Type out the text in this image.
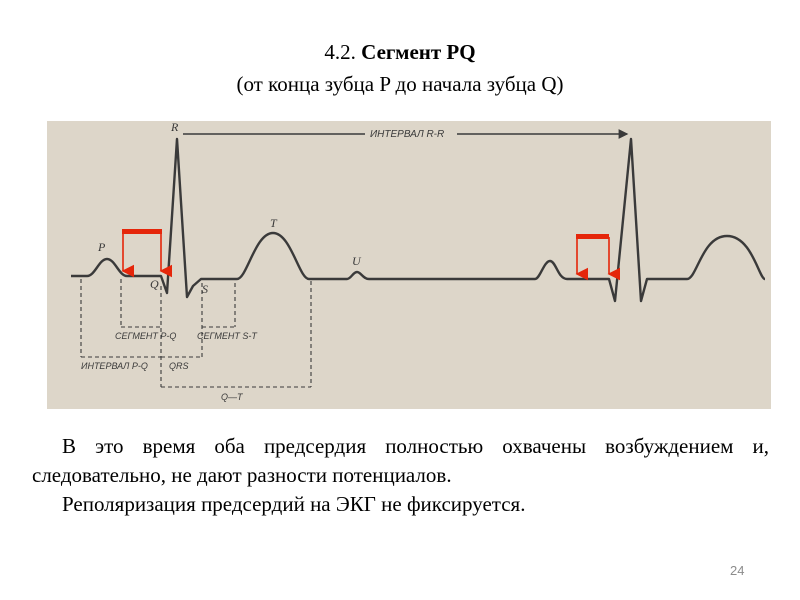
4.2. Сегмент PQ
(от конца зубца P до начала зубца Q)
ИНТЕРВАЛ R-R
R
P
Q	S
T
U
СЕГМЕНТ P-Q СЕГМЕНТ S-T
ИНТЕРВАЛ P-Q QRS
Q—T

В это время оба предсердия полностью охвачены возбуждением и, следовательно, не дают разности потенциалов.

Реполяризация предсердий на ЭКГ не фиксируется.

24
